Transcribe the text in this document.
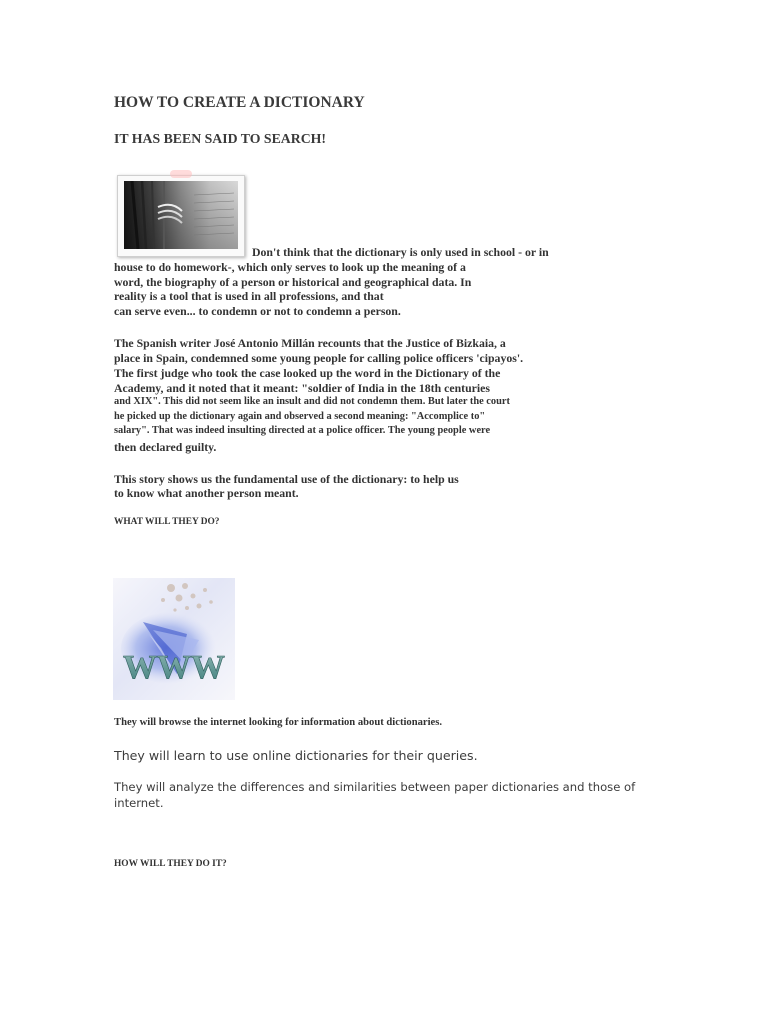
HOW TO CREATE A DICTIONARY
IT HAS BEEN SAID TO SEARCH!
Don't think that the dictionary is only used in school - or in
house to do homework-, which only serves to look up the meaning of a
word, the biography of a person or historical and geographical data. In
reality is a tool that is used in all professions, and that
can serve even... to condemn or not to condemn a person.
The Spanish writer José Antonio Millán recounts that the Justice of Bizkaia, a
place in Spain, condemned some young people for calling police officers 'cipayos'.
The first judge who took the case looked up the word in the Dictionary of the
Academy, and it noted that it meant: "soldier of India in the 18th centuries
and XIX". This did not seem like an insult and did not condemn them. But later the court
he picked up the dictionary again and observed a second meaning: "Accomplice to"
salary". That was indeed insulting directed at a police officer. The young people were
then declared guilty.
This story shows us the fundamental use of the dictionary: to help us
to know what another person meant.
WHAT WILL THEY DO?
WWW
They will browse the internet looking for information about dictionaries.
They will learn to use online dictionaries for their queries.
They will analyze the differences and similarities between paper dictionaries and those of internet.
HOW WILL THEY DO IT?
